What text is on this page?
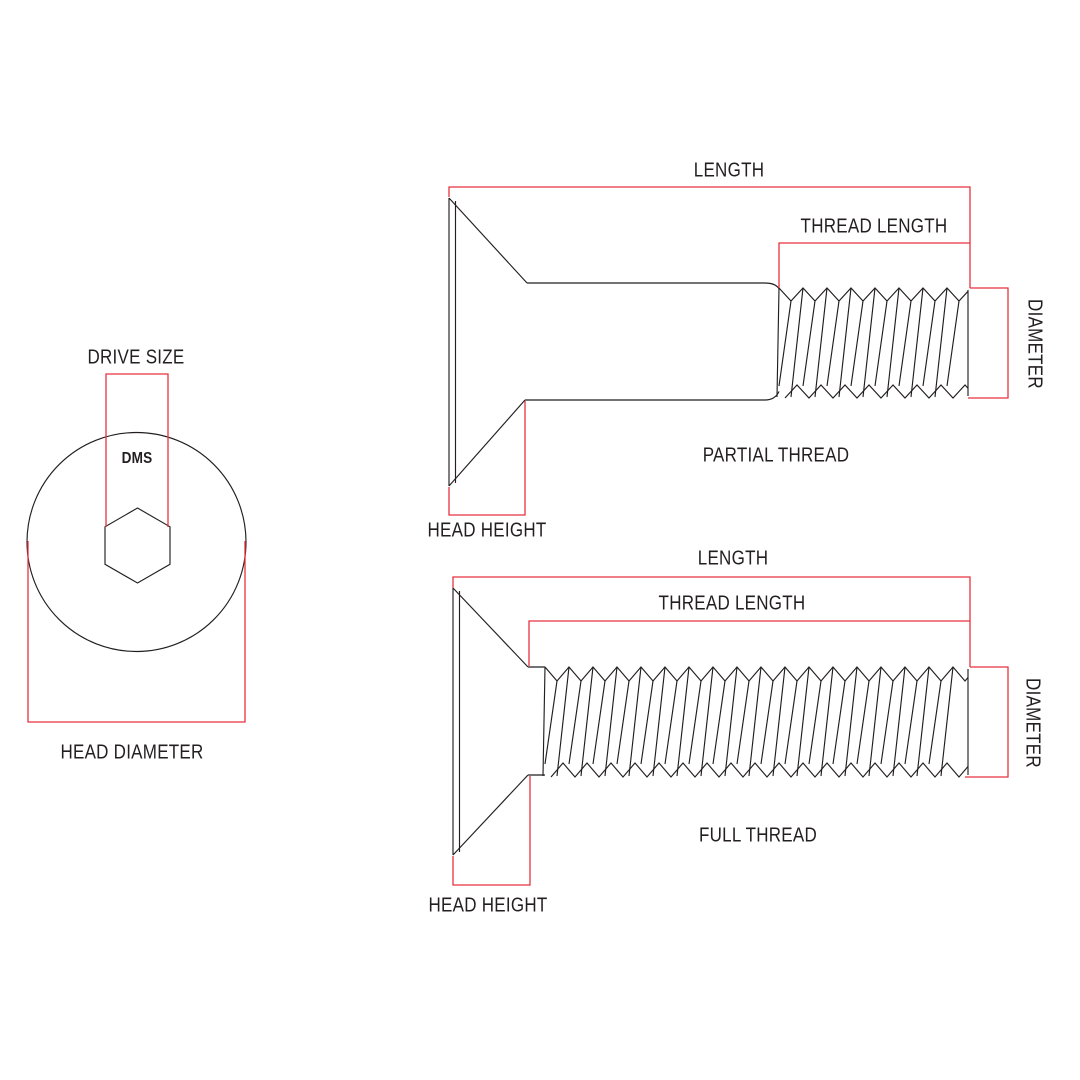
DRIVE SIZE
DMS
HEAD DIAMETER
LENGTH
THREAD LENGTH
DIAMETER
PARTIAL THREAD
HEAD HEIGHT
LENGTH
THREAD LENGTH
DIAMETER
FULL THREAD
HEAD HEIGHT
